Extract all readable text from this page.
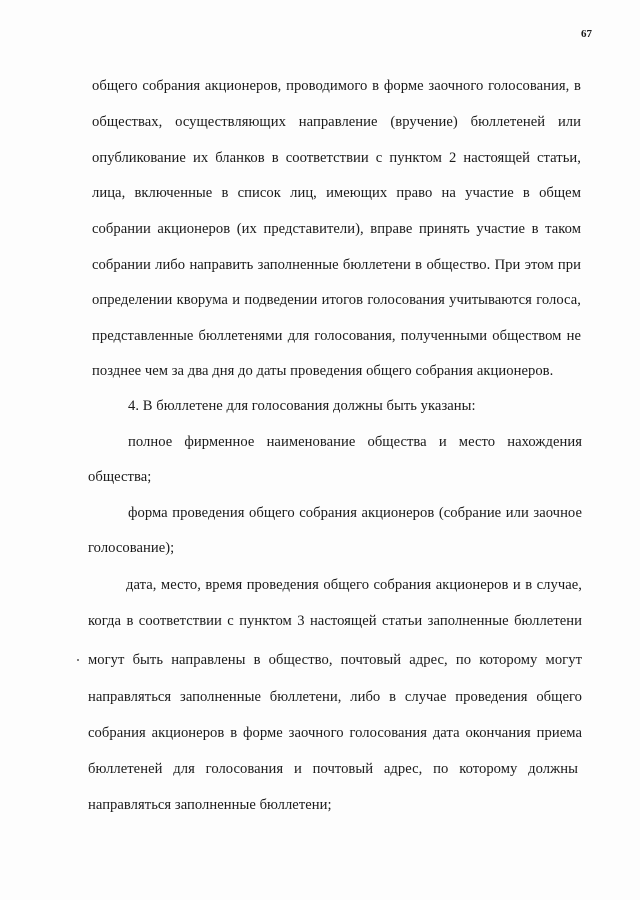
67
общего собрания акционеров, проводимого в форме заочного голосования, в
обществах, осуществляющих направление (вручение) бюллетеней или
опубликование их бланков в соответствии с пунктом 2 настоящей статьи,
лица, включенные в список лиц, имеющих право на участие в общем
собрании акционеров (их представители), вправе принять участие в таком
собрании либо направить заполненные бюллетени в общество. При этом при
определении кворума и подведении итогов голосования учитываются голоса,
представленные бюллетенями для голосования, полученными обществом не
позднее чем за два дня до даты проведения общего собрания акционеров.
4. В бюллетене для голосования должны быть указаны:
полное фирменное наименование общества и место нахождения
общества;
форма проведения общего собрания акционеров (собрание или заочное
голосование);
дата, место, время проведения общего собрания акционеров и в случае,
когда в соответствии с пунктом 3 настоящей статьи заполненные бюллетени
могут быть направлены в общество, почтовый адрес, по которому могут
направляться заполненные бюллетени, либо в случае проведения общего
собрания акционеров в форме заочного голосования дата окончания приема
бюллетеней для голосования и почтовый адрес, по которому должны
направляться заполненные бюллетени;
